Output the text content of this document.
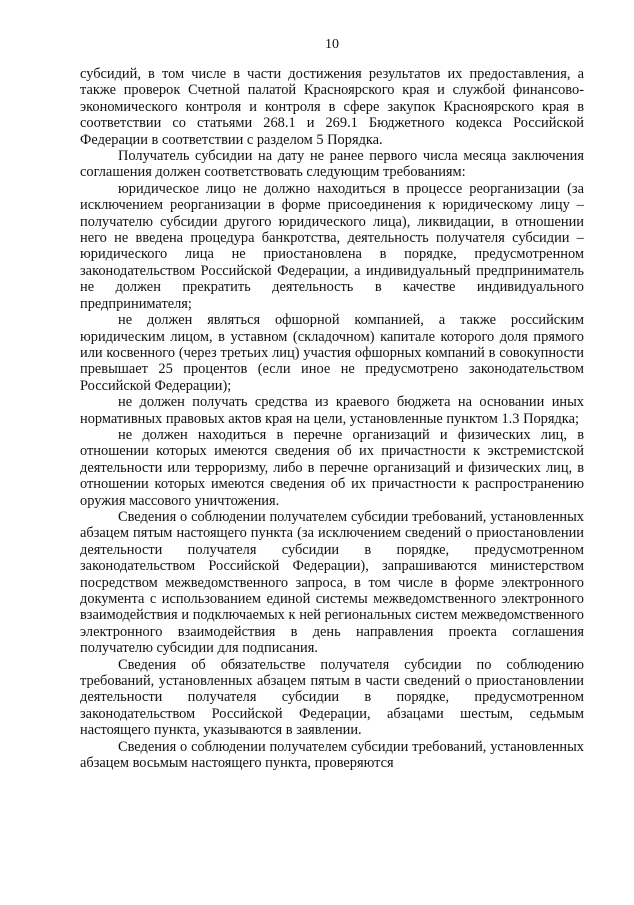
10

субсидий, в том числе в части достижения результатов их предоставления, а также проверок Счетной палатой Красноярского края и службой финансово-экономического контроля и контроля в сфере закупок Красноярского края в соответствии со статьями 268.1 и 269.1 Бюджетного кодекса Российской Федерации в соответствии с разделом 5 Порядка.

Получатель субсидии на дату не ранее первого числа месяца заключения соглашения должен соответствовать следующим требованиям:

юридическое лицо не должно находиться в процессе реорганизации (за исключением реорганизации в форме присоединения к юридическому лицу – получателю субсидии другого юридического лица), ликвидации, в отношении него не введена процедура банкротства, деятельность получателя субсидии – юридического лица не приостановлена в порядке, предусмотренном законодательством Российской Федерации, а индивидуальный предприниматель не должен прекратить деятельность в качестве индивидуального предпринимателя;

не должен являться офшорной компанией, а также российским юридическим лицом, в уставном (складочном) капитале которого доля прямого или косвенного (через третьих лиц) участия офшорных компаний в совокупности превышает 25 процентов (если иное не предусмотрено законодательством Российской Федерации);

не должен получать средства из краевого бюджета на основании иных нормативных правовых актов края на цели, установленные пунктом 1.3 Порядка;

не должен находиться в перечне организаций и физических лиц, в отношении которых имеются сведения об их причастности к экстремистской деятельности или терроризму, либо в перечне организаций и физических лиц, в отношении которых имеются сведения об их причастности к распространению оружия массового уничтожения.

Сведения о соблюдении получателем субсидии требований, установленных абзацем пятым настоящего пункта (за исключением сведений о приостановлении деятельности получателя субсидии в порядке, предусмотренном законодательством Российской Федерации), запрашиваются министерством посредством межведомственного запроса, в том числе в форме электронного документа с использованием единой системы межведомственного электронного взаимодействия и подключаемых к ней региональных систем межведомственного электронного взаимодействия в день направления проекта соглашения получателю субсидии для подписания.

Сведения об обязательстве получателя субсидии по соблюдению требований, установленных абзацем пятым в части сведений о приостановлении деятельности получателя субсидии в порядке, предусмотренном законодательством Российской Федерации, абзацами шестым, седьмым настоящего пункта, указываются в заявлении.

Сведения о соблюдении получателем субсидии требований, установленных абзацем восьмым настоящего пункта, проверяются
